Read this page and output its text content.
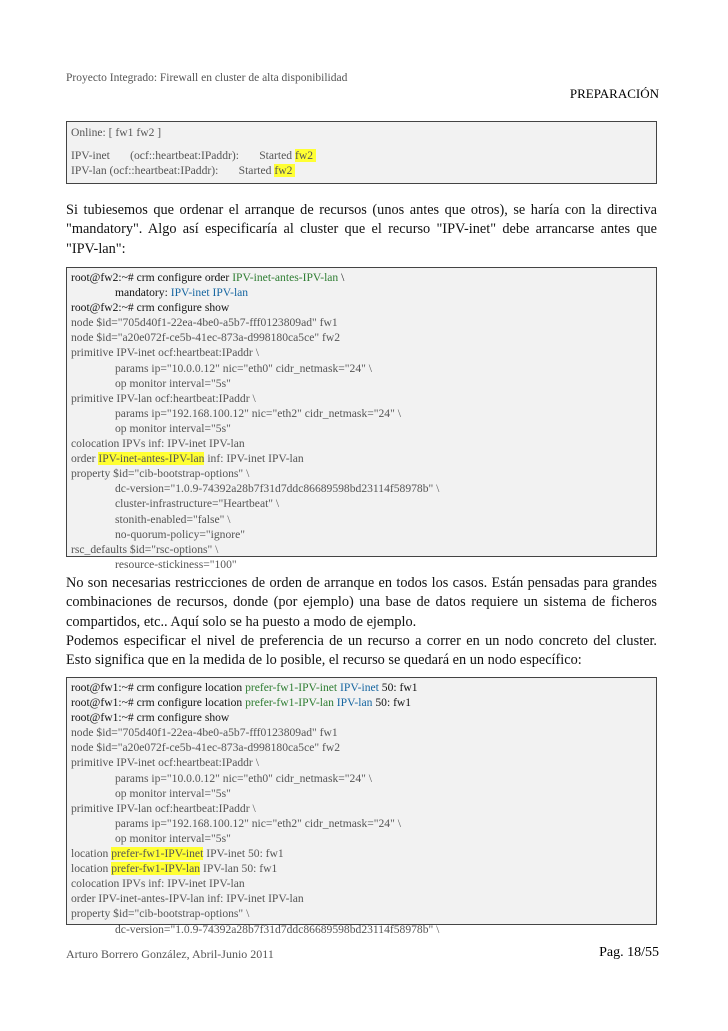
Proyecto Integrado: Firewall en cluster de alta disponibilidad
PREPARACIÓN
Online: [ fw1 fw2 ]
IPV-inet       (ocf::heartbeat:IPaddr):       Started fw2
IPV-lan (ocf::heartbeat:IPaddr):       Started fw2

Si tubiesemos que ordenar el arranque de recursos (unos antes que otros), se haría con la directiva "mandatory". Algo así especificaría al cluster que el recurso "IPV-inet" debe arrancarse antes que "IPV-lan":

root@fw2:~# crm configure order IPV-inet-antes-IPV-lan \
mandatory: IPV-inet IPV-lan
root@fw2:~# crm configure show
node $id="705d40f1-22ea-4be0-a5b7-fff0123809ad" fw1
node $id="a20e072f-ce5b-41ec-873a-d998180ca5ce" fw2
primitive IPV-inet ocf:heartbeat:IPaddr \
params ip="10.0.0.12" nic="eth0" cidr_netmask="24" \
op monitor interval="5s"
primitive IPV-lan ocf:heartbeat:IPaddr \
params ip="192.168.100.12" nic="eth2" cidr_netmask="24" \
op monitor interval="5s"
colocation IPVs inf: IPV-inet IPV-lan
order IPV-inet-antes-IPV-lan inf: IPV-inet IPV-lan
property $id="cib-bootstrap-options" \
dc-version="1.0.9-74392a28b7f31d7ddc86689598bd23114f58978b" \
cluster-infrastructure="Heartbeat" \
stonith-enabled="false" \
no-quorum-policy="ignore"
rsc_defaults $id="rsc-options" \
resource-stickiness="100"

No son necesarias restricciones de orden de arranque en todos los casos. Están pensadas para grandes combinaciones de recursos, donde (por ejemplo) una base de datos requiere un sistema de ficheros compartidos, etc.. Aquí solo se ha puesto a modo de ejemplo.

Podemos especificar el nivel de preferencia de un recurso a correr en un nodo concreto del cluster. Esto significa que en la medida de lo posible, el recurso se quedará en un nodo específico:

root@fw1:~# crm configure location prefer-fw1-IPV-inet IPV-inet 50: fw1
root@fw1:~# crm configure location prefer-fw1-IPV-lan IPV-lan 50: fw1
root@fw1:~# crm configure show
node $id="705d40f1-22ea-4be0-a5b7-fff0123809ad" fw1
node $id="a20e072f-ce5b-41ec-873a-d998180ca5ce" fw2
primitive IPV-inet ocf:heartbeat:IPaddr \
params ip="10.0.0.12" nic="eth0" cidr_netmask="24" \
op monitor interval="5s"
primitive IPV-lan ocf:heartbeat:IPaddr \
params ip="192.168.100.12" nic="eth2" cidr_netmask="24" \
op monitor interval="5s"
location prefer-fw1-IPV-inet IPV-inet 50: fw1
location prefer-fw1-IPV-lan IPV-lan 50: fw1
colocation IPVs inf: IPV-inet IPV-lan
order IPV-inet-antes-IPV-lan inf: IPV-inet IPV-lan
property $id="cib-bootstrap-options" \
dc-version="1.0.9-74392a28b7f31d7ddc86689598bd23114f58978b" \
Arturo Borrero González, Abril-Junio 2011	Pag. 18/55
